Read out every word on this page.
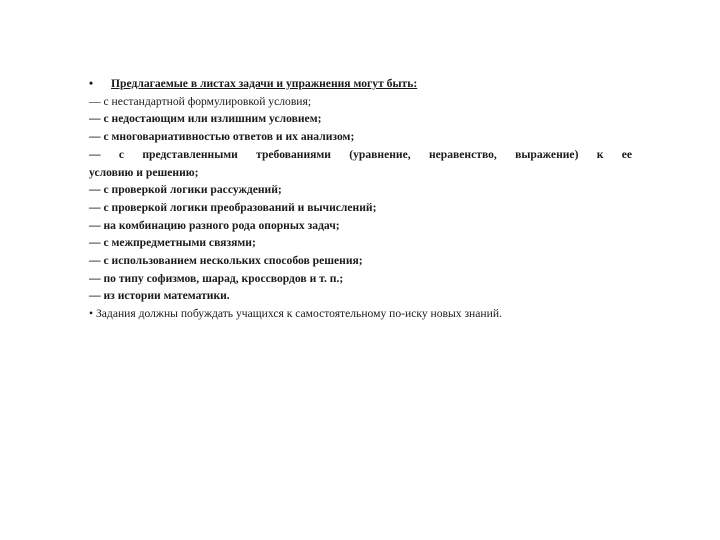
• Предлагаемые в листах задачи и упражнения могут быть:
— с нестандартной формулировкой условия;
— с недостающим или излишним условием;
— с многовариативностью ответов и их анализом;
— с представленными требованиями (уравнение, неравенство, выражение) к ее
условию и решению;
— с проверкой логики рассуждений;
— с проверкой логики преобразований и вычислений;
— на комбинацию разного рода опорных задач;
— с межпредметными связями;
— с использованием нескольких способов решения;
— по типу софизмов, шарад, кроссвордов и т. п.;
— из истории математики.
• Задания должны побуждать учащихся к самостоятельному по-иску новых знаний.
